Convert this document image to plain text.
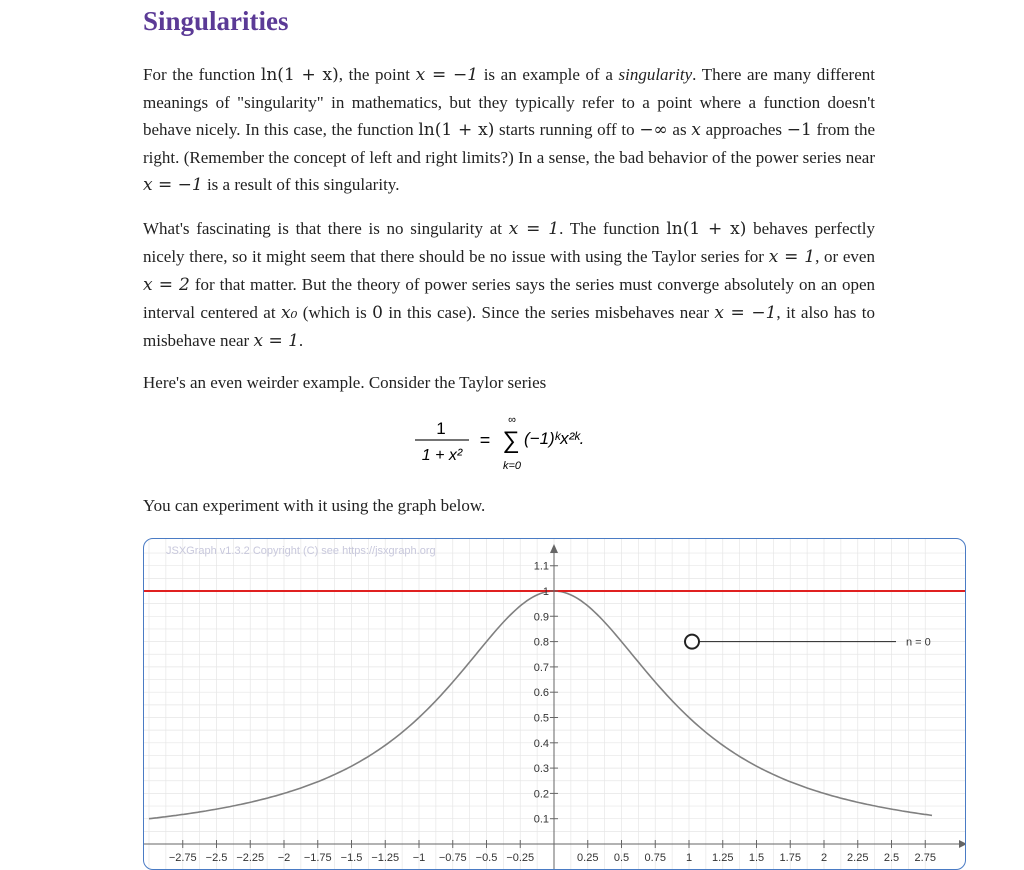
Singularities

For the function ln(1 + x), the point x = −1 is an example of a singularity. There are many different meanings of "singularity" in mathematics, but they typically refer to a point where a function doesn't behave nicely. In this case, the function ln(1 + x) starts running off to −∞ as x approaches −1 from the right. (Remember the concept of left and right limits?) In a sense, the bad behavior of the power series near x = −1 is a result of this singularity.

What's fascinating is that there is no singularity at x = 1. The function ln(1 + x) behaves perfectly nicely there, so it might seem that there should be no issue with using the Taylor series for x = 1, or even x = 2 for that matter. But the theory of power series says the series must converge absolutely on an open interval centered at x₀ (which is 0 in this case). Since the series misbehaves near x = −1, it also has to misbehave near x = 1.

Here's an even weirder example. Consider the Taylor series

1
1 + x²
=
∞
∑
k=0
(−1)ᵏx²ᵏ.

You can experiment with it using the graph below.

0.1
0.2
0.3
0.4
0.5
0.6
0.7
0.8
0.9
1
1.1
−2.75 −2.5 −2.25 −2 −1.75 −1.5 −1.25 −1 −0.75 −0.5 −0.25	0.25 0.5 0.75 1 1.25 1.5 1.75 2 2.25 2.5 2.75
n = 0
JSXGraph v1.3.2 Copyright (C) see https://jsxgraph.org
